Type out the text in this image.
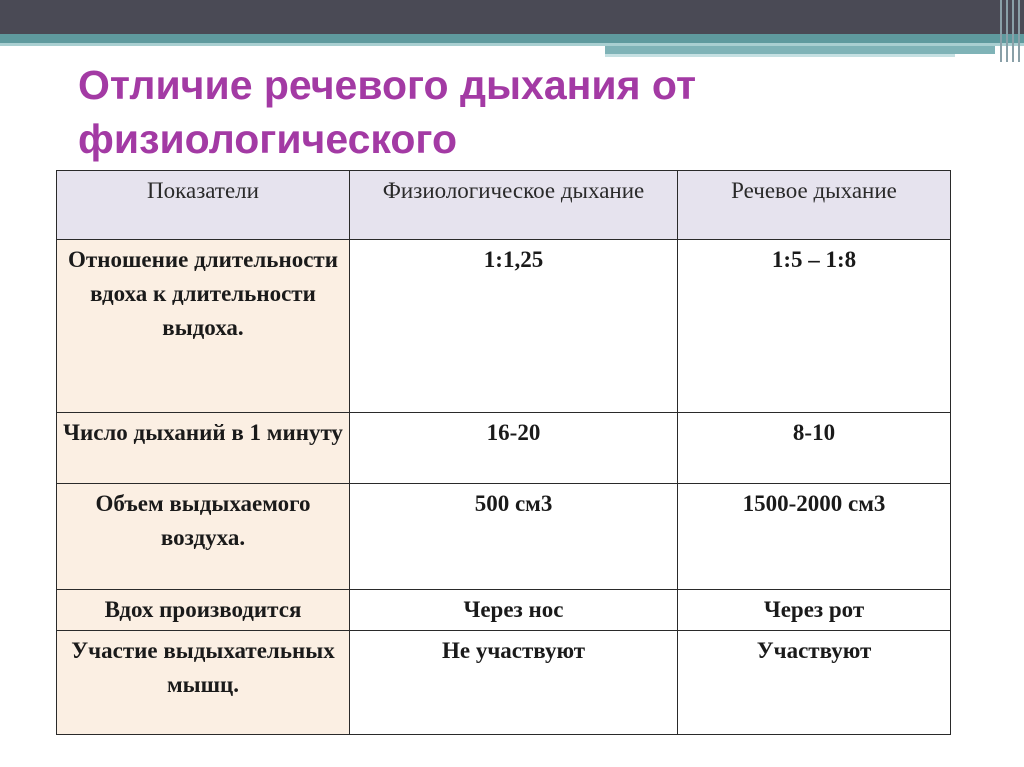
Отличие речевого дыхания от физиологического
Показатели	Физиологическое дыхание	Речевое дыхание
Отношение длительности вдоха к длительности выдоха.	1:1,25	1:5 – 1:8
Число дыханий в 1 минуту	16-20	8-10
Объем выдыхаемого воздуха.	500 см3	1500-2000 см3
Вдох производится	Через нос	Через рот
Участие выдыхательных мышц.	Не участвуют	Участвуют
